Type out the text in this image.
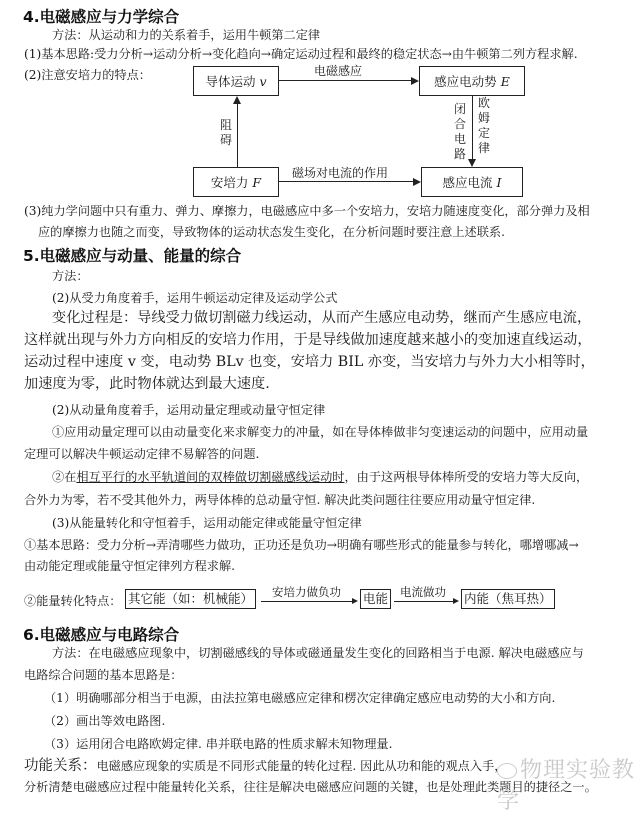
4.电磁感应与力学综合
方法：从运动和力的关系着手，运用牛顿第二定律
(1)基本思路:受力分析→运动分析→变化趋向→确定运动过程和最终的稳定状态→由牛顿第二列方程求解.
(2)注意安培力的特点：	导体运动 v	感应电动势 E
安培力 F	感应电流 I
电磁感应
磁场对电流的作用
阻碍
闭合电路
欧姆定律
(3)纯力学问题中只有重力、弹力、摩擦力，电磁感应中多一个安培力，安培力随速度变化，部分弹力及相
应的摩擦力也随之而变，导致物体的运动状态发生变化，在分析问题时要注意上述联系.
5.电磁感应与动量、能量的综合
方法：
(2)从受力角度着手，运用牛顿运动定律及运动学公式
变化过程是：导线受力做切割磁力线运动，从而产生感应电动势，继而产生感应电流，
这样就出现与外力方向相反的安培力作用，于是导线做加速度越来越小的变加速直线运动，
运动过程中速度 v 变，电动势 BLv 也变，安培力 BIL 亦变，当安培力与外力大小相等时，
加速度为零，此时物体就达到最大速度.
(2)从动量角度着手，运用动量定理或动量守恒定律
①应用动量定理可以由动量变化来求解变力的冲量，如在导体棒做非匀变速运动的问题中，应用动量
定理可以解决牛顿运动定律不易解答的问题.
②在相互平行的水平轨道间的双棒做切割磁感线运动时，由于这两根导体棒所受的安培力等大反向，
合外力为零，若不受其他外力，两导体棒的总动量守恒. 解决此类问题往往要应用动量守恒定律.
(3)从能量转化和守恒着手，运用动能定律或能量守恒定律
①基本思路：受力分析→弄清哪些力做功，正功还是负功→明确有哪些形式的能量参与转化，哪增哪减→
由动能定理或能量守恒定律列方程求解.
②能量转化特点： 其它能（如：机械能） 安培力做负功 电能 电流做功 内能（焦耳热）
6.电磁感应与电路综合
方法：在电磁感应现象中，切割磁感线的导体或磁通量发生变化的回路相当于电源. 解决电磁感应与
电路综合问题的基本思路是：
（1）明确哪部分相当于电源，由法拉第电磁感应定律和楞次定律确定感应电动势的大小和方向.
（2）画出等效电路图.
（3）运用闭合电路欧姆定律. 串并联电路的性质求解未知物理量.
功能关系：电磁感应现象的实质是不同形式能量的转化过程. 因此从功和能的观点入手，
分析清楚电磁感应过程中能量转化关系，往往是解决电磁感应问题的关键，也是处理此类题目的捷径之一。
物理实验教学
